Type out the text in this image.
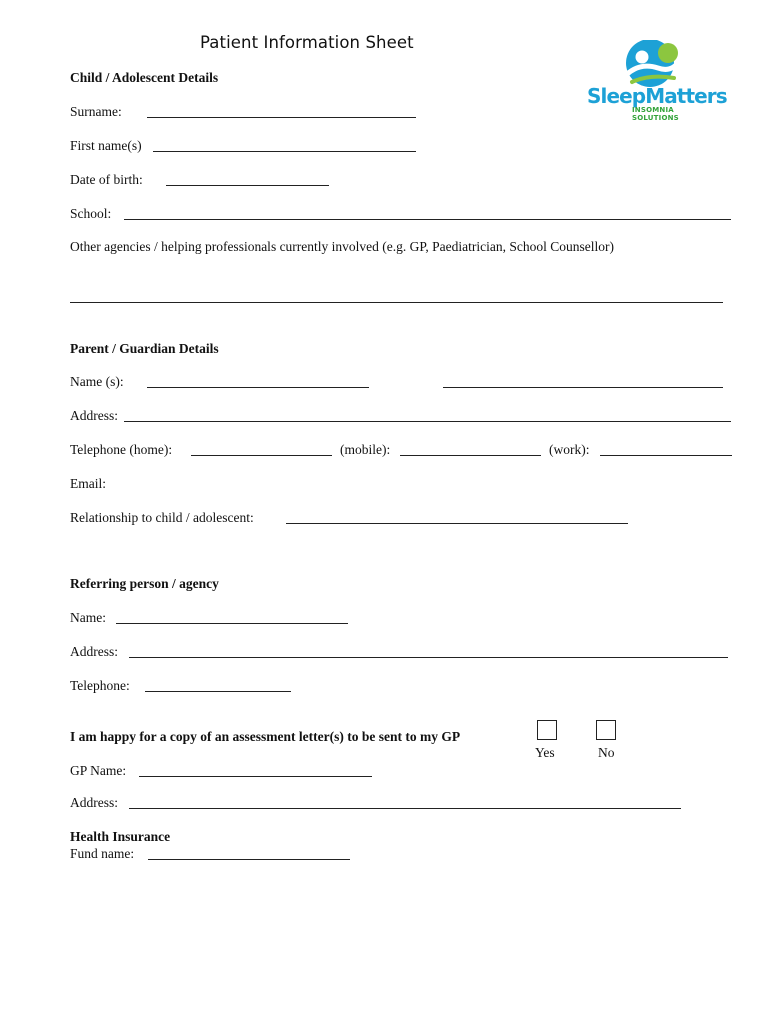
Patient Information Sheet
SleepMatters
INSOMNIA SOLUTIONS
Child / Adolescent Details
Surname:
First name(s)
Date of birth:
School:
Other agencies / helping professionals currently involved (e.g. GP, Paediatrician, School Counsellor)
Parent / Guardian Details
Name (s):
Address:
Telephone (home):	(mobile):	(work):
Email:
Relationship to child / adolescent:
Referring person / agency
Name:
Address:
Telephone:
I am happy for a copy of an assessment letter(s) to be sent to my GP
Yes	No
GP Name:
Address:
Health Insurance
Fund name:
